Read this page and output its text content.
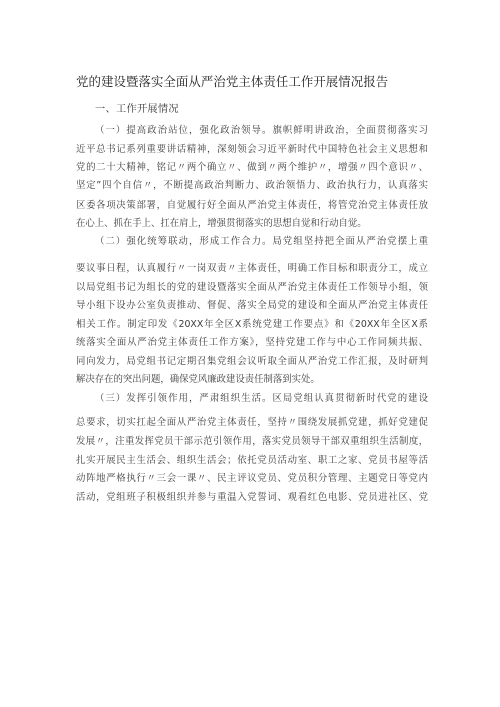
党的建设暨落实全面从严治党主体责任工作开展情况报告
一、工作开展情况
（一）提高政治站位，强化政治领导。旗帜鲜明讲政治，全面贯彻落实习
近平总书记系列重要讲话精神，深刻领会习近平新时代中国特色社会主义思想和
党的二十大精神，铭记〃两个确立〃、做到〃两个维护〃，增强〃四个意识〃、
坚定”四个自信〃，不断提高政治判断力、政治领悟力、政治执行力，认真落实
区委各项决策部署，自觉履行好全面从严治党主体责任，将管党治党主体责任放
在心上、抓在手上、扛在肩上，增强贯彻落实的思想自觉和行动自觉。
（二）强化统筹联动，形成工作合力。局党组坚持把全面从严治党摆上重
要议事日程，认真履行〃一岗双责〃主体责任，明确工作目标和职责分工，成立
以局党组书记为组长的党的建设暨落实全面从严治党主体责任工作领导小组，领
导小组下设办公室负责推动、督促、落实全局党的建设和全面从严治党主体责任
相关工作。制定印发《20XX年全区X系统党建工作要点》和《20XX年全区X系
统落实全面从严治党主体责任工作方案》，坚持党建工作与中心工作同频共振、
同向发力，局党组书记定期召集党组会议听取全面从严治党工作汇报，及时研判
解决存在的突出问题，确保党风廉政建设责任制落到实处。
（三）发挥引领作用，严肃组织生活。区局党组认真贯彻新时代党的建设
总要求，切实扛起全面从严治党主体责任，坚持〃围绕发展抓党建，抓好党建促
发展〃，注重发挥党员干部示范引领作用，落实党员领导干部双重组织生活制度，
扎实开展民主生活会、组织生活会；依托党员活动室、职工之家、党员书屋等活
动阵地严格执行〃三会一课〃、民主评议党员、党员积分管理、主题党日等党内
活动，党组班子积极组织并参与重温入党誓词、观看红色电影、党员进社区、党
